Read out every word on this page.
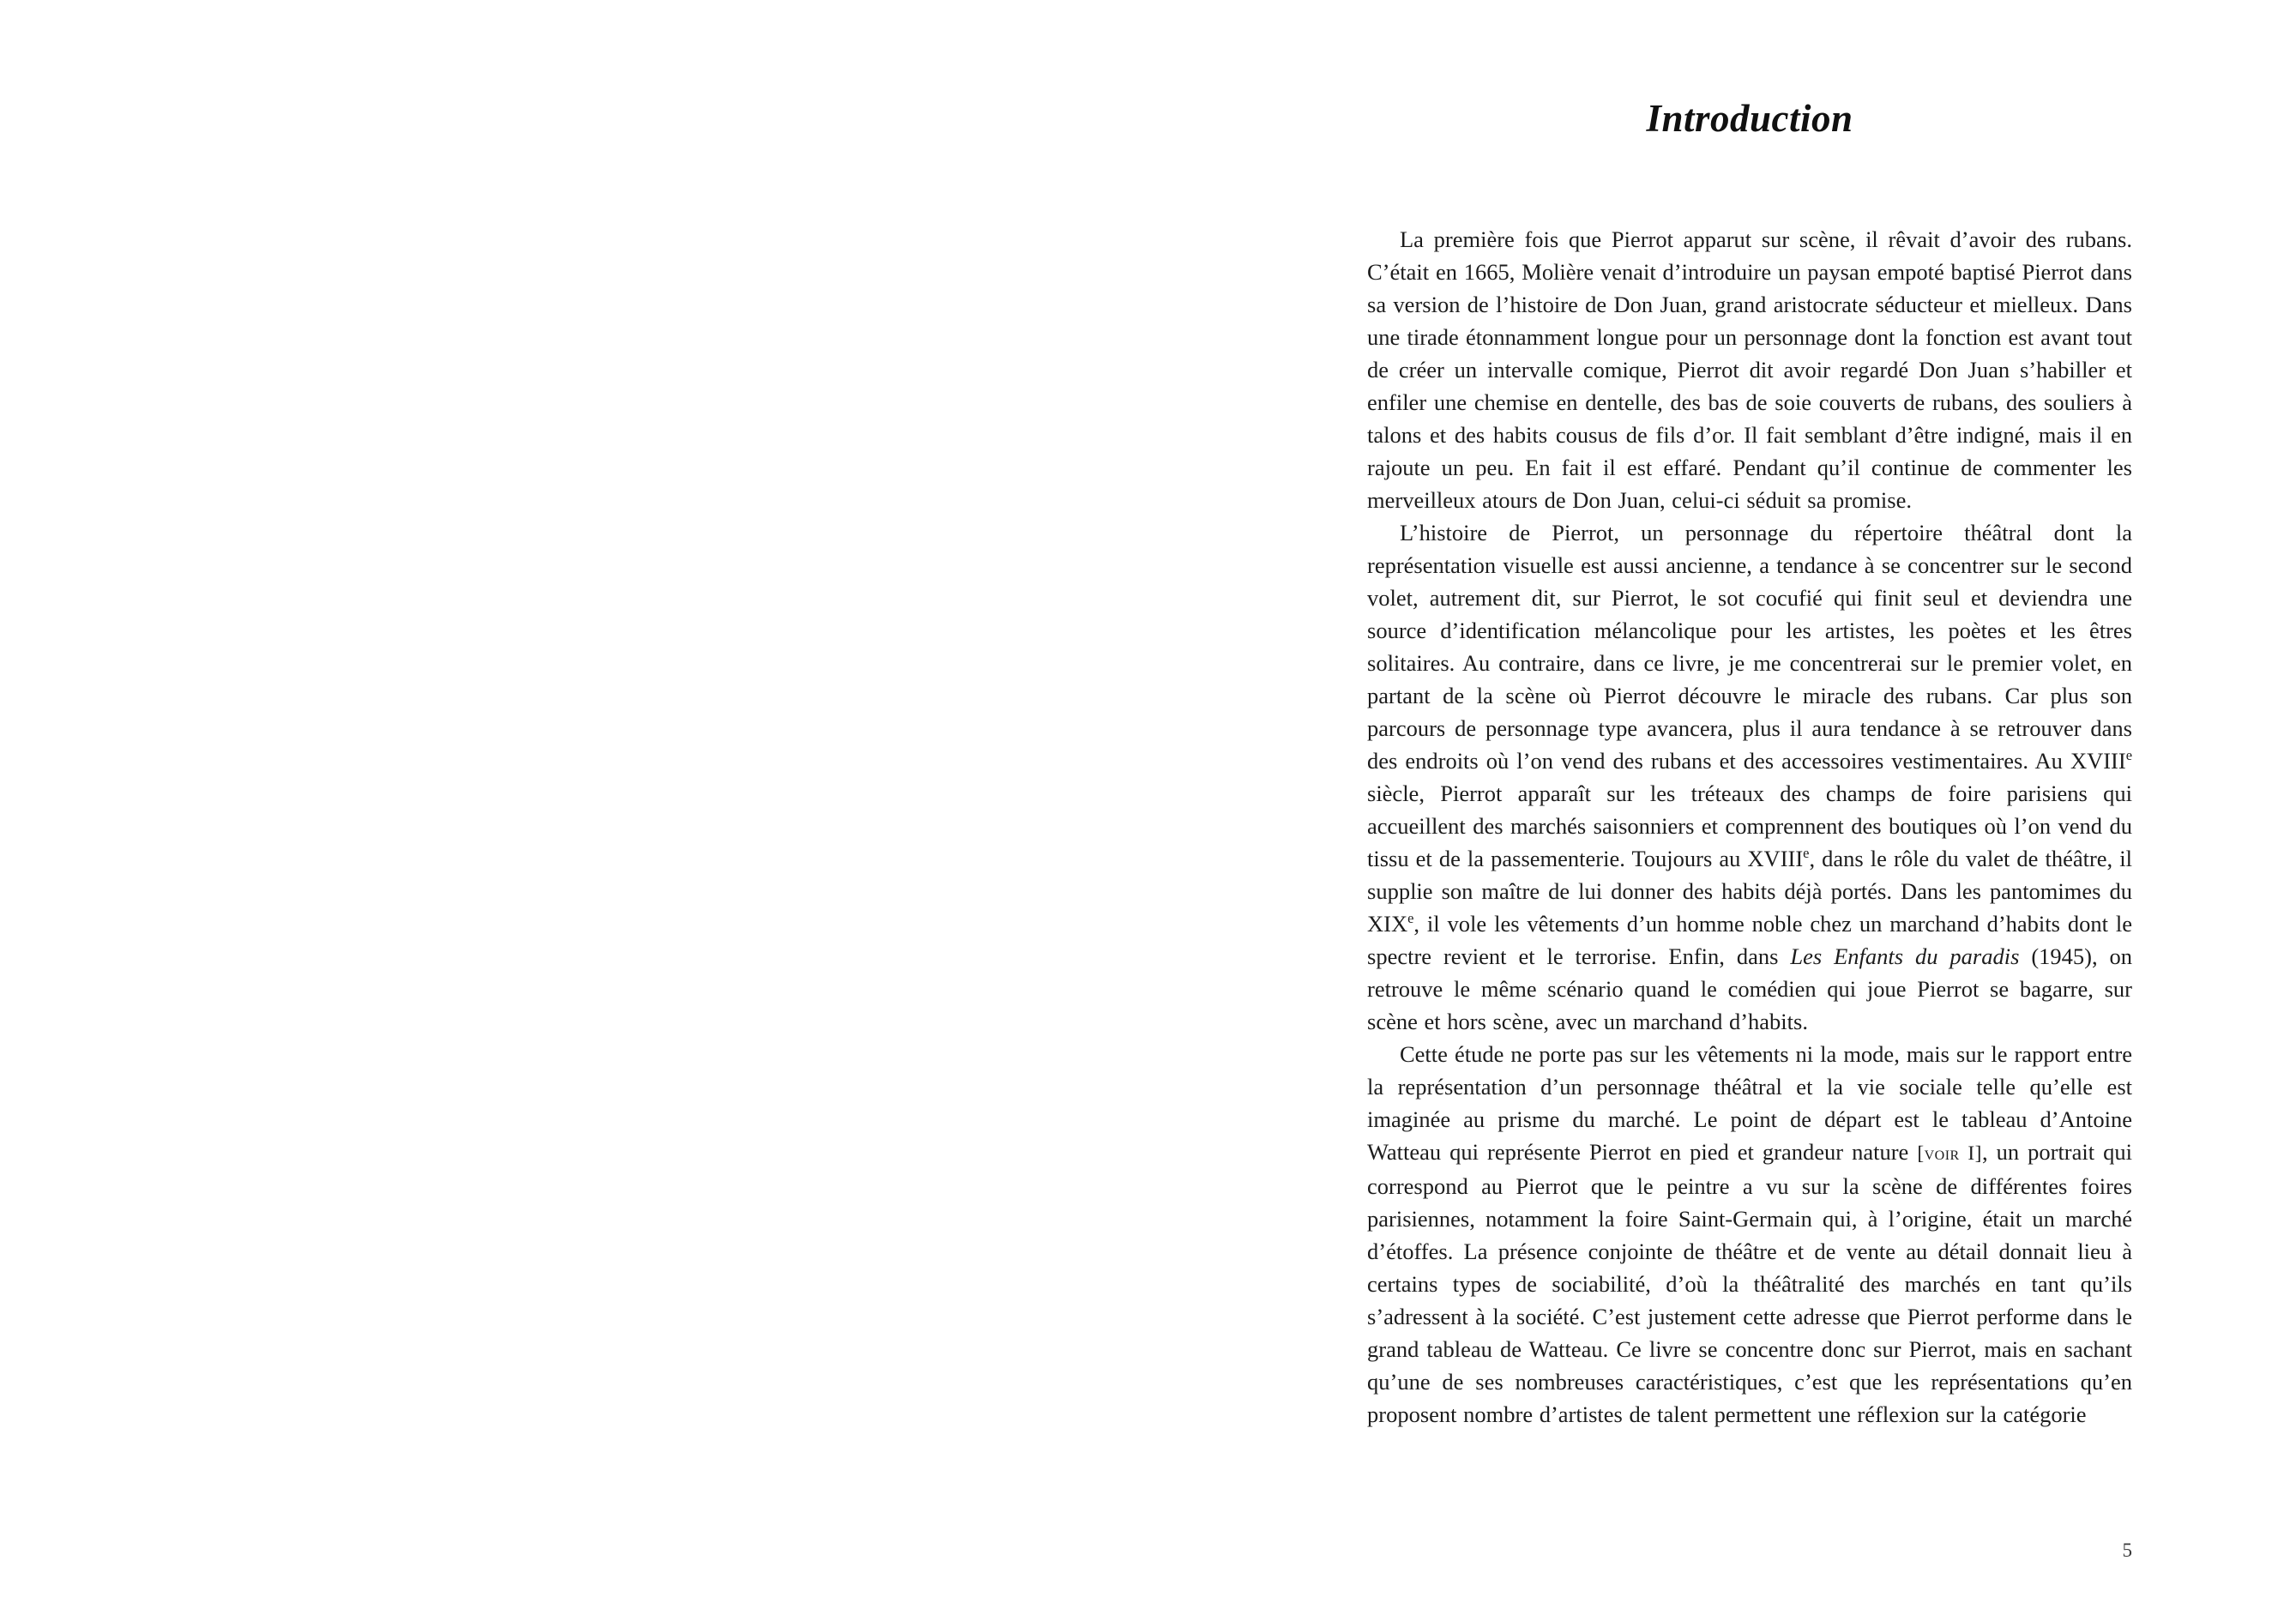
Introduction

La première fois que Pierrot apparut sur scène, il rêvait d’avoir des rubans. C’était en 1665, Molière venait d’introduire un paysan empoté baptisé Pierrot dans sa version de l’histoire de Don Juan, grand aristocrate séducteur et mielleux. Dans une tirade étonnamment longue pour un personnage dont la fonction est avant tout de créer un intervalle comique, Pierrot dit avoir regardé Don Juan s’habiller et enfiler une chemise en dentelle, des bas de soie couverts de rubans, des souliers à talons et des habits cousus de fils d’or. Il fait semblant d’être indigné, mais il en rajoute un peu. En fait il est effaré. Pendant qu’il continue de commenter les merveilleux atours de Don Juan, celui-ci séduit sa promise.

L’histoire de Pierrot, un personnage du répertoire théâtral dont la représentation visuelle est aussi ancienne, a tendance à se concentrer sur le second volet, autrement dit, sur Pierrot, le sot cocufié qui finit seul et deviendra une source d’identification mélancolique pour les artistes, les poètes et les êtres solitaires. Au contraire, dans ce livre, je me concentrerai sur le premier volet, en partant de la scène où Pierrot découvre le miracle des rubans. Car plus son parcours de personnage type avancera, plus il aura tendance à se retrouver dans des endroits où l’on vend des rubans et des accessoires vestimentaires. Au XVIIIe siècle, Pierrot apparaît sur les tréteaux des champs de foire parisiens qui accueillent des marchés saisonniers et comprennent des boutiques où l’on vend du tissu et de la passementerie. Toujours au XVIIIe, dans le rôle du valet de théâtre, il supplie son maître de lui donner des habits déjà portés. Dans les pantomimes du XIXe, il vole les vêtements d’un homme noble chez un marchand d’habits dont le spectre revient et le terrorise. Enfin, dans Les Enfants du paradis (1945), on retrouve le même scénario quand le comédien qui joue Pierrot se bagarre, sur scène et hors scène, avec un marchand d’habits.

Cette étude ne porte pas sur les vêtements ni la mode, mais sur le rapport entre la représentation d’un personnage théâtral et la vie sociale telle qu’elle est imaginée au prisme du marché. Le point de départ est le tableau d’Antoine Watteau qui représente Pierrot en pied et grandeur nature [voir I], un portrait qui correspond au Pierrot que le peintre a vu sur la scène de différentes foires parisiennes, notamment la foire Saint-Germain qui, à l’origine, était un marché d’étoffes. La présence conjointe de théâtre et de vente au détail donnait lieu à certains types de sociabilité, d’où la théâtralité des marchés en tant qu’ils s’adressent à la société. C’est justement cette adresse que Pierrot performe dans le grand tableau de Watteau. Ce livre se concentre donc sur Pierrot, mais en sachant qu’une de ses nombreuses caractéristiques, c’est que les représentations qu’en proposent nombre d’artistes de talent permettent une réflexion sur la catégorie

5
